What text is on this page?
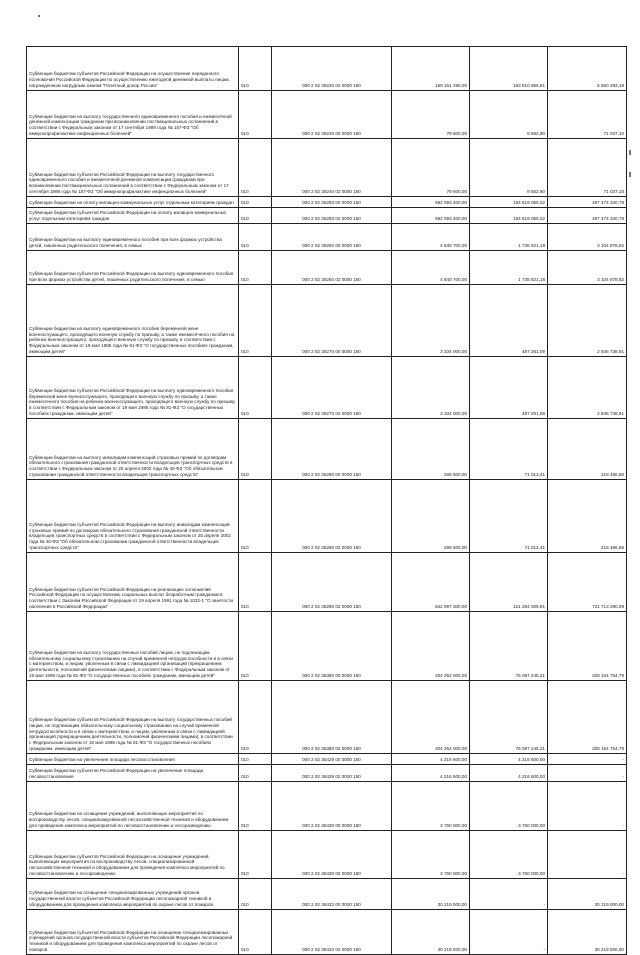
Субвенции бюджетам субъектов Российской Федерации на осуществление переданного полномочия Российской Федерации по осуществлению ежегодной денежной выплаты лицам, награжденным нагрудным знаком "Почетный донор России"	010	000 2 02 35220 02 0000 150	169 161 290,00	163 610 956,81	5 550 293,19
Субвенции бюджетам на выплату государственного единовременного пособия и ежемесячной денежной компенсации гражданам при возникновении поствакцинальных осложнений в соответствии с Федеральным законом от 17 сентября 1998 года № 157-ФЗ "Об иммунопрофилактике инфекционных болезней"	010	000 2 02 35240 00 0000 150	79 600,00	8 562,90	71 037,10
Субвенции бюджетам субъектов Российской Федерации на выплату государственного единовременного пособия и ежемесячной денежной компенсации гражданам при возникновении поствакцинальных осложнений в соответствии с Федеральным законом от 17 сентября 1998 года № 157-ФЗ "Об иммунопрофилактике инфекционных болезней"	010	000 2 02 35240 02 0000 150	79 600,00	8 562,90	71 037,10
Субвенции бюджетам на оплату жилищно-коммунальных услуг отдельным категориям граждан	010	000 2 02 35250 00 0000 150	692 093 400,00	194 619 059,22	497 474 340,78
Субвенции бюджетам субъектов Российской Федерации на оплату жилищно-коммунальных услуг отдельным категориям граждан	010	000 2 02 35250 02 0000 150	692 093 400,00	194 619 059,22	497 474 340,78
Субвенции бюджетам на выплату единовременного пособия при всех формах устройства детей, лишенных родительского попечения, в семью	010	000 2 02 35260 00 0000 150	4 840 700,00	1 735 821,18	3 104 878,82
Субвенции бюджетам субъектов Российской Федерации на выплату единовременного пособия при всех формах устройства детей, лишенных родительского попечения, в семью	010	000 2 02 35260 02 0000 150	4 840 700,00	1 735 821,18	3 104 878,82
Субвенции бюджетам на выплату единовременного пособия беременной жене военнослужащего, проходящего военную службу по призыву, а также ежемесячного пособия на ребенка военнослужащего, проходящего военную службу по призыву, в соответствии с Федеральным законом от 19 мая 1995 года № 81-ФЗ "О государственных пособиях гражданам, имеющим детей"	010	000 2 02 35270 00 0000 150	3 334 000,00	487 261,09	2 846 738,91
Субвенции бюджетам субъектов Российской Федерации на выплату единовременного пособия беременной жене военнослужащего, проходящего военную службу по призыву, а также ежемесячного пособия на ребенка военнослужащего, проходящего военную службу по призыву, в соответствии с Федеральным законом от 19 мая 1995 года № 81-ФЗ "О государственных пособиях гражданам, имеющим детей"	010	000 2 02 35270 02 0000 150	3 334 000,00	487 261,09	2 846 738,91
Субвенции бюджетам на выплату инвалидам компенсаций страховых премий по договорам обязательного страхования гражданской ответственности владельцев транспортных средств в соответствии с Федеральным законом от 25 апреля 2002 года № 40-ФЗ "Об обязательном страховании гражданской ответственности владельцев транспортных средств"	010	000 2 02 35280 00 0000 150	289 500,00	71 013,41	218 486,59
Субвенции бюджетам субъектов Российской Федерации на выплату инвалидам компенсаций страховых премий по договорам обязательного страхования гражданской ответственности владельцев транспортных средств в соответствии с Федеральным законом от 25 апреля 2002 года № 40-ФЗ "Об обязательном страховании гражданской ответственности владельцев транспортных средств"	010	000 2 02 35280 02 0000 150	289 500,00	71 013,41	218 486,59
Субвенции бюджетам субъектов Российской Федерации на реализацию полномочий Российской Федерации по осуществлению социальных выплат безработным гражданам в соответствии с Законом Российской Федерации от 19 апреля 1991 года № 1032-1 "О занятости населения в Российской Федерации"	010	000 2 02 35290 02 0000 150	842 997 300,00	121 284 009,91	721 713 290,09
Субвенции бюджетам на выплату государственных пособий лицам, не подлежащим обязательному социальному страхованию на случай временной нетрудоспособности и в связи с материнством, и лицам, уволенным в связи с ликвидацией организаций (прекращением деятельности, полномочий физическими лицами), в соответствии с Федеральным законом от 19 мая 1995 года № 81-ФЗ "О государственных пособиях гражданам, имеющим детей"	010	000 2 02 35380 00 0000 150	404 252 000,00	76 087 245,21	328 164 754,79
Субвенции бюджетам субъектов Российской Федерации на выплату государственных пособий лицам, не подлежащим обязательному социальному страхованию на случай временной нетрудоспособности и в связи с материнством, и лицам, уволенным в связи с ликвидацией организаций (прекращением деятельности, полномочий физическими лицами), в соответствии с Федеральным законом от 19 мая 1995 года № 81-ФЗ "О государственных пособиях гражданам, имеющим детей"	010	000 2 02 35380 02 0000 150	404 252 000,00	76 087 245,21	328 164 754,79
Субвенции бюджетам на увеличение площади лесовосстановления	010	000 2 02 35429 00 0000 150	4 216 600,00	4 216 600,00	-
Субвенции бюджетам субъектов Российской Федерации на увеличение площади лесовосстановления	010	000 2 02 35429 02 0000 150	4 216 600,00	4 216 600,00	-
Субвенции бюджетам на оснащение учреждений, выполняющих мероприятия по воспроизводству лесов, специализированной лесохозяйственной техникой и оборудованием для проведения комплекса мероприятий по лесовосстановлению и лесоразведению	010	000 2 02 35430 00 0000 150	3 760 000,00	3 760 000,00	-
Субвенции бюджетам субъектов Российской Федерации на оснащение учреждений, выполняющих мероприятия по воспроизводству лесов, специализированной лесохозяйственной техникой и оборудованием для проведения комплекса мероприятий по лесовосстановлению и лесоразведению	010	000 2 02 35430 02 0000 150	3 760 000,00	3 760 000,00	-
Субвенции бюджетам на оснащение специализированных учреждений органов государственной власти субъектов Российской Федерации лесопожарной техникой и оборудованием для проведения комплекса мероприятий по охране лесов от пожаров	010	000 2 02 35432 00 0000 150	30 219 000,00	-	30 219 000,00
Субвенции бюджетам субъектов Российской Федерации на оснащение специализированных учреждений органов государственной власти субъектов Российской Федерации лесопожарной техникой и оборудованием для проведения комплекса мероприятий по охране лесов от пожаров	010	000 2 02 35432 02 0000 150	30 219 000,00	-	30 219 000,00
